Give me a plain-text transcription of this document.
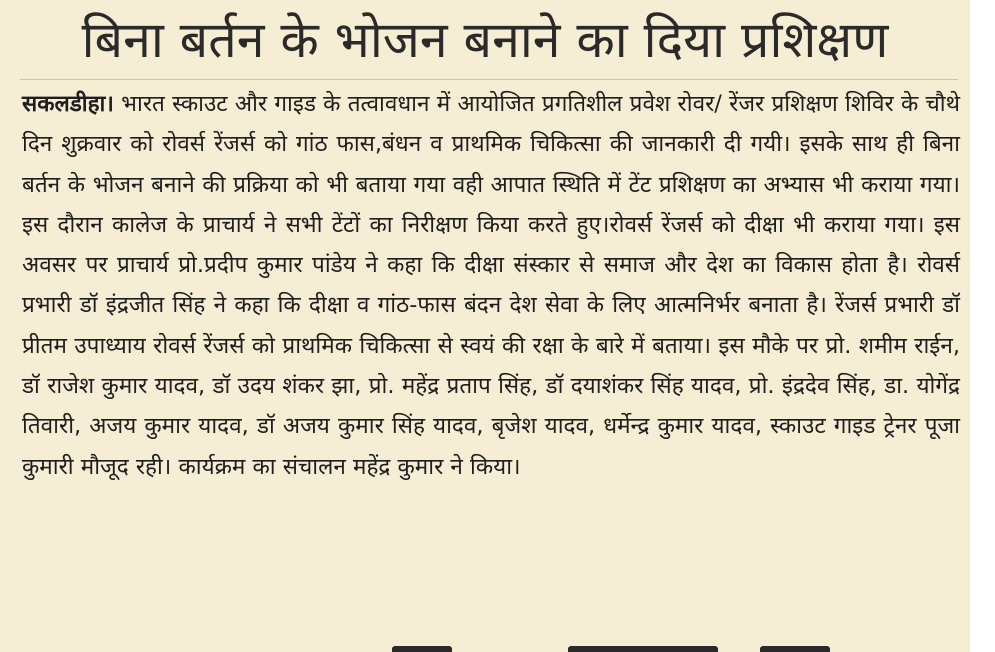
बिना बर्तन के भोजन बनाने का दिया प्रशिक्षण

सकलडीहा। भारत स्काउट और गाइड के तत्वावधान में आयोजित प्रगतिशील प्रवेश रोवर/ रेंजर प्रशिक्षण शिविर के चौथे दिन शुक्रवार को रोवर्स रेंजर्स को गांठ फास,बंधन व प्राथमिक चिकित्सा की जानकारी दी गयी। इसके साथ ही बिना बर्तन के भोजन बनाने की प्रक्रिया को भी बताया गया वही आपात स्थिति में टेंट प्रशिक्षण का अभ्यास भी कराया गया। इस दौरान कालेज के प्राचार्य ने सभी टेंटों का निरीक्षण किया करते हुए।रोवर्स रेंजर्स को दीक्षा भी कराया गया। इस अवसर पर प्राचार्य प्रो.प्रदीप कुमार पांडेय ने कहा कि दीक्षा संस्कार से समाज और देश का विकास होता है। रोवर्स प्रभारी डॉ इंद्रजीत सिंह ने कहा कि दीक्षा व गांठ-फास बंदन देश सेवा के लिए आत्मनिर्भर बनाता है। रेंजर्स प्रभारी डॉ प्रीतम उपाध्याय रोवर्स रेंजर्स को प्राथमिक चिकित्सा से स्वयं की रक्षा के बारे में बताया। इस मौके पर प्रो. शमीम राईन, डॉ राजेश कुमार यादव, डॉ उदय शंकर झा, प्रो. महेंद्र प्रताप सिंह, डॉ दयाशंकर सिंह यादव, प्रो. इंद्रदेव सिंह, डा. योगेंद्र तिवारी, अजय कुमार यादव, डॉ अजय कुमार सिंह यादव, बृजेश यादव, धर्मेन्द्र कुमार यादव, स्काउट गाइड ट्रेनर पूजा कुमारी मौजूद रही। कार्यक्रम का संचालन महेंद्र कुमार ने किया।
